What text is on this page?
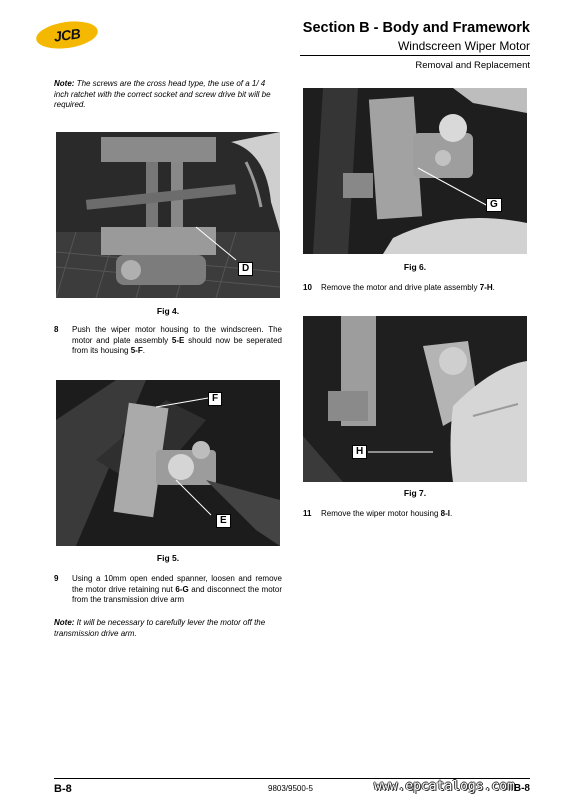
JCB	Section B - Body and Framework
Windscreen Wiper Motor
Removal and Replacement
Note: The screws are the cross head type, the use of a 1/ 4 inch ratchet with the correct socket and screw drive bit will be required.
D
Fig 4.
8	Push the wiper motor housing to the windscreen. The motor and plate assembly 5-E should now be seperated from its housing 5-F.
F
E
Fig 5.
9	Using a 10mm open ended spanner, loosen and remove the motor drive retaining nut 6-G and disconnect the motor from the transmission drive arm
Note: It will be necessary to carefully lever the motor off the transmission drive arm.
G
Fig 6.
10	Remove the motor and drive plate assembly 7-H.
H
Fig 7.
11	Remove the wiper motor housing 8-I.
B-8	9803/9500-5	www.epcatalogs.com
B-8
